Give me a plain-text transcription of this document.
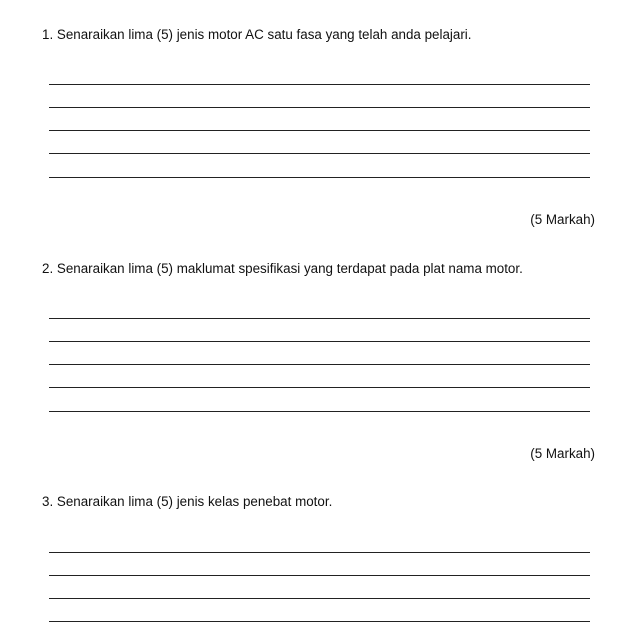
1. Senaraikan lima (5) jenis motor AC satu fasa yang telah anda pelajari.
(5 Markah)
2. Senaraikan lima (5) maklumat spesifikasi yang terdapat pada plat nama motor.
(5 Markah)
3. Senaraikan lima (5) jenis kelas penebat motor.
